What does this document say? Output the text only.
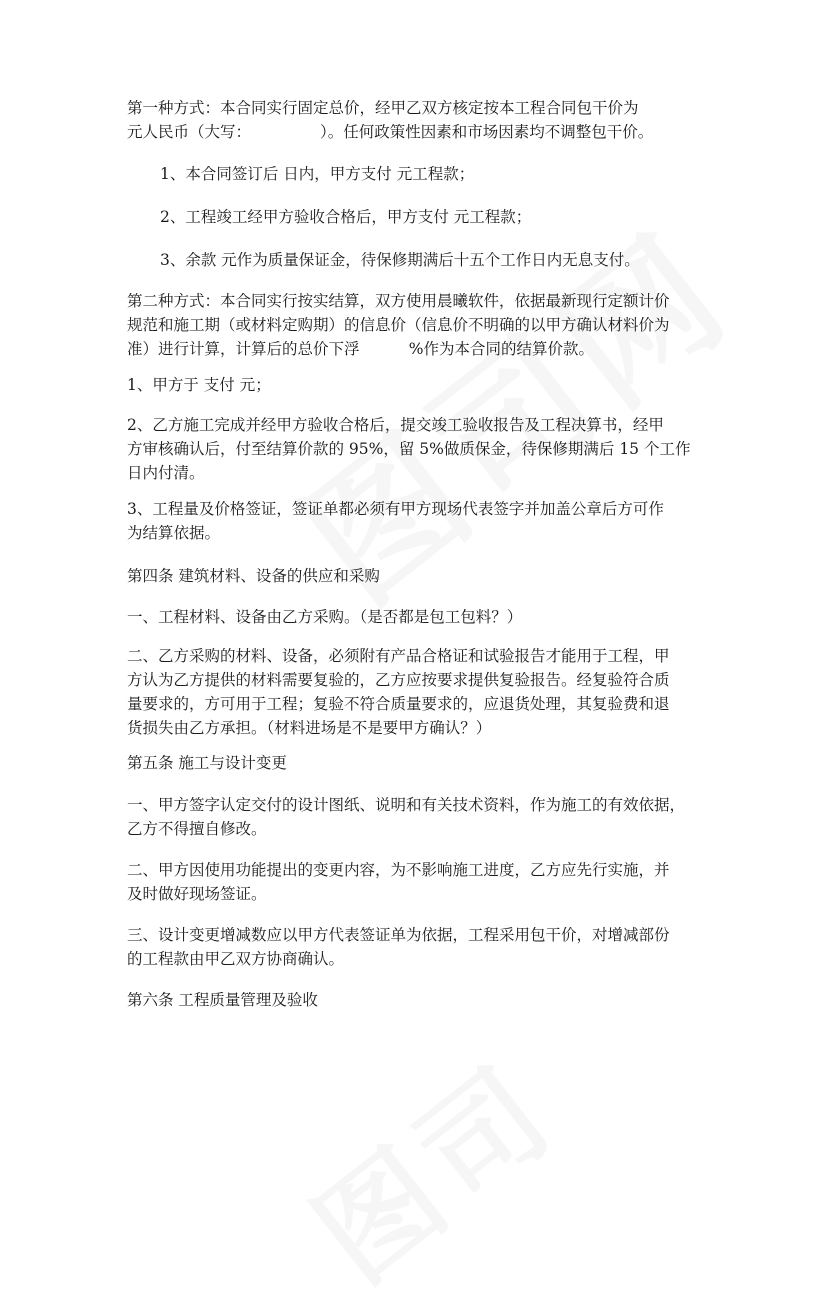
第一种方式：本合同实行固定总价，经甲乙双方核定按本工程合同包干价为
元人民币（大写：              ）。任何政策性因素和市场因素均不调整包干价。

1、本合同签订后 日内，甲方支付 元工程款；

2、工程竣工经甲方验收合格后，甲方支付 元工程款；

3、余款 元作为质量保证金，待保修期满后十五个工作日内无息支付。

第二种方式：本合同实行按实结算，双方使用晨曦软件，依据最新现行定额计价
规范和施工期（或材料定购期）的信息价（信息价不明确的以甲方确认材料价为
准）进行计算，计算后的总价下浮          %作为本合同的结算价款。

1、甲方于 支付 元；

2、乙方施工完成并经甲方验收合格后，提交竣工验收报告及工程决算书，经甲
方审核确认后，付至结算价款的 95%，留 5%做质保金，待保修期满后 15 个工作
日内付清。

3、工程量及价格签证，签证单都必须有甲方现场代表签字并加盖公章后方可作
为结算依据。

第四条 建筑材料、设备的供应和采购

一、工程材料、设备由乙方采购。（是否都是包工包料？）

二、乙方采购的材料、设备，必须附有产品合格证和试验报告才能用于工程，甲
方认为乙方提供的材料需要复验的，乙方应按要求提供复验报告。经复验符合质
量要求的，方可用于工程；复验不符合质量要求的，应退货处理，其复验费和退
货损失由乙方承担。（材料进场是不是要甲方确认？）

第五条 施工与设计变更

一、甲方签字认定交付的设计图纸、说明和有关技术资料，作为施工的有效依据，
乙方不得擅自修改。

二、甲方因使用功能提出的变更内容，为不影响施工进度，乙方应先行实施，并
及时做好现场签证。

三、设计变更增减数应以甲方代表签证单为依据，工程采用包干价，对增减部份
的工程款由甲乙双方协商确认。

第六条 工程质量管理及验收
